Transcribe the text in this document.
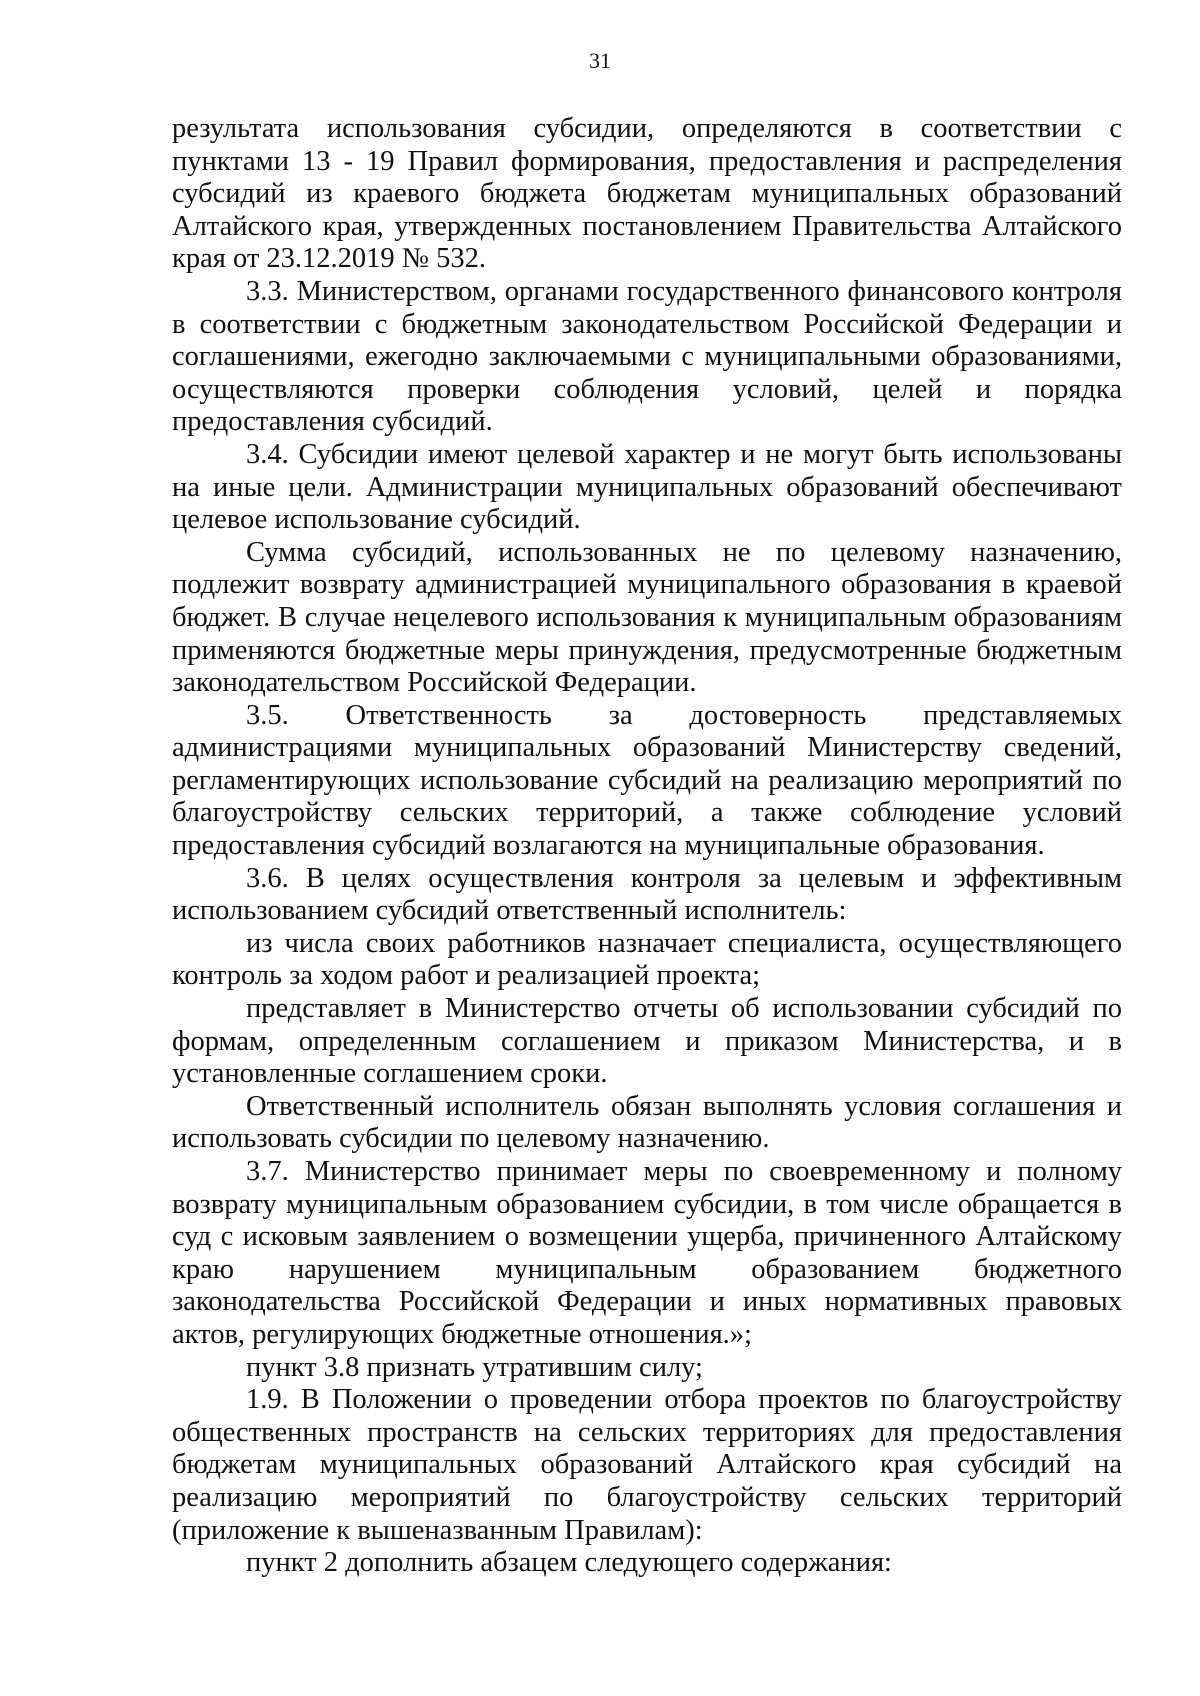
31

результата использования субсидии, определяются в соответствии с пунктами 13 - 19 Правил формирования, предоставления и распределения субсидий из краевого бюджета бюджетам муниципальных образований Алтайского края, утвержденных постановлением Правительства Алтайского края от 23.12.2019 № 532.

3.3. Министерством, органами государственного финансового контроля в соответствии с бюджетным законодательством Российской Федерации и соглашениями, ежегодно заключаемыми с муниципальными образованиями, осуществляются проверки соблюдения условий, целей и порядка предоставления субсидий.

3.4. Субсидии имеют целевой характер и не могут быть использованы на иные цели. Администрации муниципальных образований обеспечивают целевое использование субсидий.

Сумма субсидий, использованных не по целевому назначению, подлежит возврату администрацией муниципального образования в краевой бюджет. В случае нецелевого использования к муниципальным образованиям применяются бюджетные меры принуждения, предусмотренные бюджетным законодательством Российской Федерации.

3.5. Ответственность за достоверность представляемых администрациями муниципальных образований Министерству сведений, регламентирующих использование субсидий на реализацию мероприятий по благоустройству сельских территорий, а также соблюдение условий предоставления субсидий возлагаются на муниципальные образования.

3.6. В целях осуществления контроля за целевым и эффективным использованием субсидий ответственный исполнитель:

из числа своих работников назначает специалиста, осуществляющего контроль за ходом работ и реализацией проекта;

представляет в Министерство отчеты об использовании субсидий по формам, определенным соглашением и приказом Министерства, и в установленные соглашением сроки.

Ответственный исполнитель обязан выполнять условия соглашения и использовать субсидии по целевому назначению.

3.7. Министерство принимает меры по своевременному и полному возврату муниципальным образованием субсидии, в том числе обращается в суд с исковым заявлением о возмещении ущерба, причиненного Алтайскому краю нарушением муниципальным образованием бюджетного законодательства Российской Федерации и иных нормативных правовых актов, регулирующих бюджетные отношения.»;

пункт 3.8 признать утратившим силу;

1.9. В Положении о проведении отбора проектов по благоустройству общественных пространств на сельских территориях для предоставления бюджетам муниципальных образований Алтайского края субсидий на реализацию мероприятий по благоустройству сельских территорий (приложение к вышеназванным Правилам):

пункт 2 дополнить абзацем следующего содержания:
